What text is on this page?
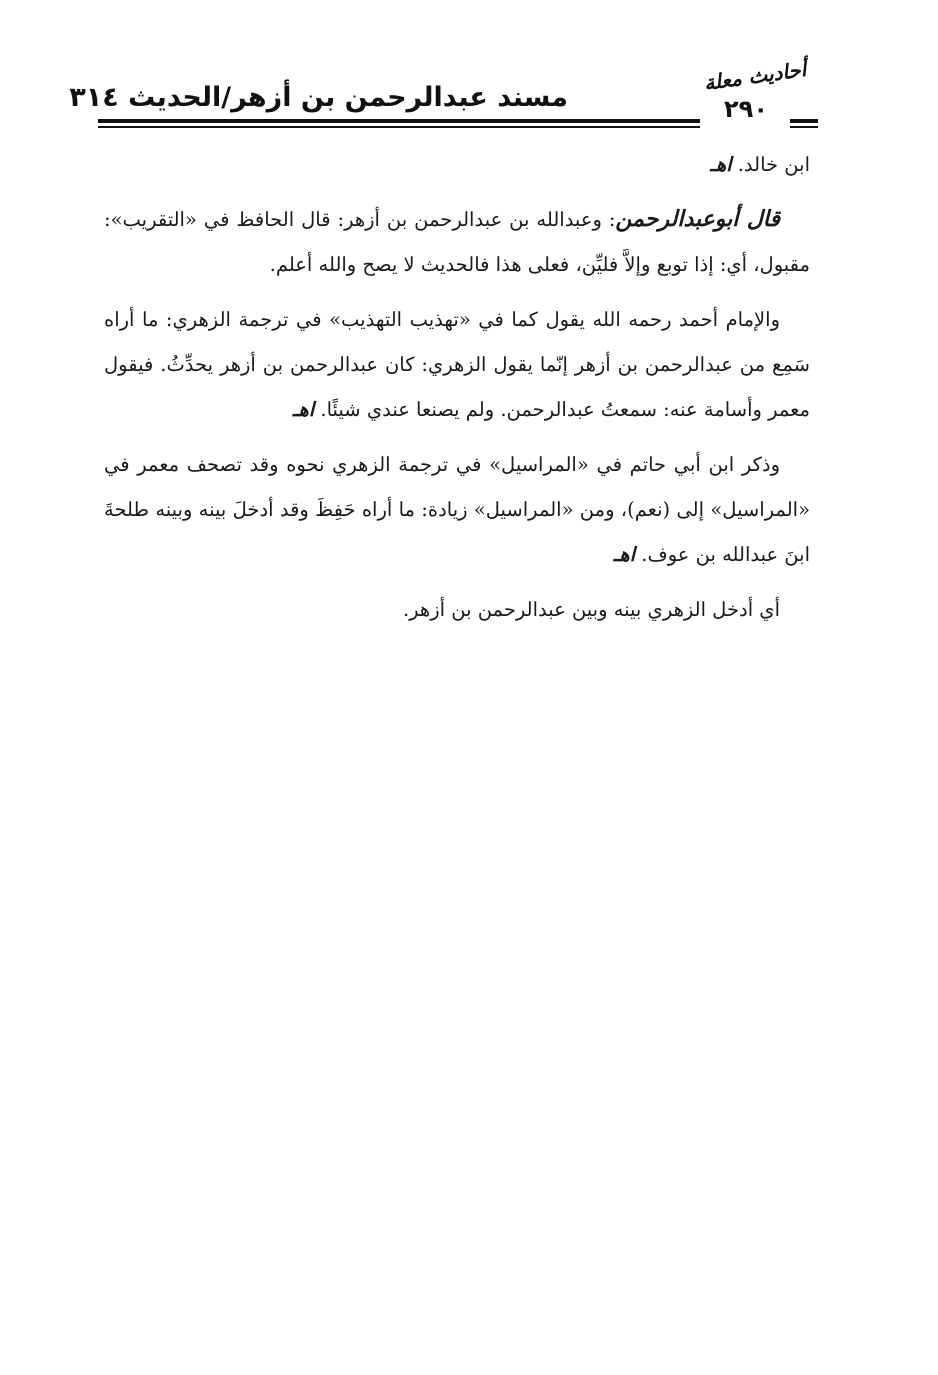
أحاديث معلة
٢٩٠
مسند عبدالرحمن بن أزهر/الحديث ٣١٤

ابن خالد. اهـ

قال أبوعبدالرحمن: وعبدالله بن عبدالرحمن بن أزهر: قال الحافظ في «التقريب»: مقبول، أي: إذا توبع وإلاَّ فليِّن، فعلى هذا فالحديث لا يصح والله أعلم.

والإمام أحمد رحمه الله يقول كما في «تهذيب التهذيب» في ترجمة الزهري: ما أراه سَمِع من عبدالرحمن بن أزهر إنّما يقول الزهري: كان عبدالرحمن بن أزهر يحدِّثُ. فيقول معمر وأسامة عنه: سمعتُ عبدالرحمن. ولم يصنعا عندي شيئًا. اهـ

وذكر ابن أبي حاتم في «المراسيل» في ترجمة الزهري نحوه وقد تصحف معمر في «المراسيل» إلى (نعم)، ومن «المراسيل» زيادة: ما أراه حَفِظَ وقد أدخلَ بينه وبينه طلحةَ ابنَ عبدالله بن عوف. اهـ

أي أدخل الزهري بينه وبين عبدالرحمن بن أزهر.
